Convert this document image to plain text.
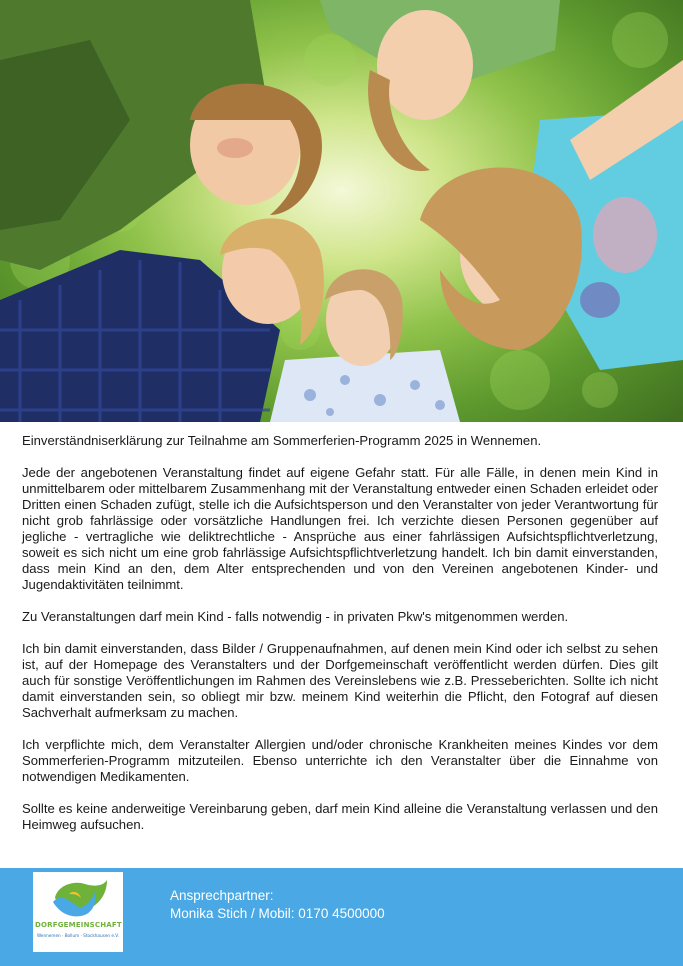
Einverständniserklärung zur Teilnahme am Sommerferien-Programm 2025 in Wennemen.

Jede der angebotenen Veranstaltung findet auf eigene Gefahr statt. Für alle Fälle, in denen mein Kind in unmittelbarem oder mittelbarem Zusammenhang mit der Veranstaltung entweder einen Schaden erleidet oder Dritten einen Schaden zufügt, stelle ich die Aufsichtsperson und den Veranstalter von jeder Verantwortung für nicht grob fahrlässige oder vorsätzliche Handlungen frei. Ich verzichte diesen Personen gegenüber auf jegliche - vertragliche wie deliktrechtliche - Ansprüche aus einer fahrlässigen Aufsichtspflichtverletzung, soweit es sich nicht um eine grob fahrlässige Aufsichtspflichtverletzung handelt. Ich bin damit einverstanden, dass mein Kind an den, dem Alter entsprechenden und von den Vereinen angebotenen Kinder- und Jugendaktivitäten teilnimmt.

Zu Veranstaltungen darf mein Kind - falls notwendig - in privaten Pkw's mitgenommen werden.

Ich bin damit einverstanden, dass Bilder / Gruppenaufnahmen, auf denen mein Kind oder ich selbst zu sehen ist, auf der Homepage des Veranstalters und der Dorfgemeinschaft veröffentlicht werden dürfen. Dies gilt auch für sonstige Veröffentlichungen im Rahmen des Vereinslebens wie z.B. Presseberichten. Sollte ich nicht damit einverstanden sein, so obliegt mir bzw. meinem Kind weiterhin die Pflicht, den Fotograf auf diesen Sachverhalt aufmerksam zu machen.

Ich verpflichte mich, dem Veranstalter Allergien und/oder chronische Krankheiten meines Kindes vor dem Sommerferien-Programm mitzuteilen. Ebenso unterrichte ich den Veranstalter über die Einnahme von notwendigen Medikamenten.

Sollte es keine anderweitige Vereinbarung geben, darf mein Kind alleine die Veranstaltung verlassen und den Heimweg aufsuchen.

DORFGEMEINSCHAFT
Wennemen · Bollum · Stockhausen e.V.
Ansprechpartner:
Monika Stich / Mobil: 0170 4500000
